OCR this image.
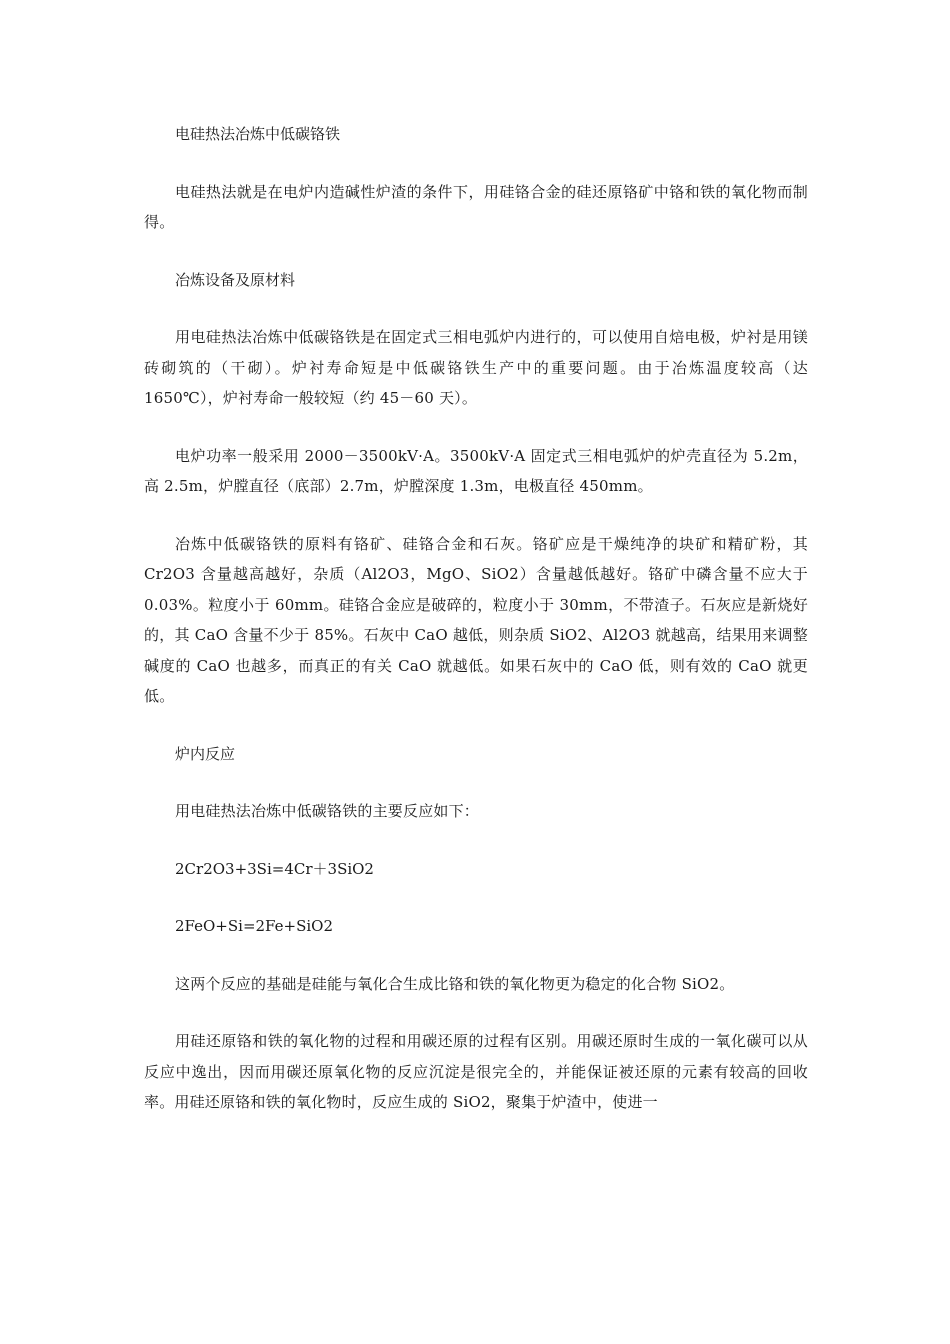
电硅热法冶炼中低碳铬铁

电硅热法就是在电炉内造碱性炉渣的条件下，用硅铬合金的硅还原铬矿中铬和铁的氧化物而制得。

冶炼设备及原材料

用电硅热法冶炼中低碳铬铁是在固定式三相电弧炉内进行的，可以使用自焙电极，炉衬是用镁砖砌筑的（干砌）。炉衬寿命短是中低碳铬铁生产中的重要问题。由于冶炼温度较高（达 1650℃），炉衬寿命一般较短（约 45－60 天）。

电炉功率一般采用 2000－3500kV·A。3500kV·A 固定式三相电弧炉的炉壳直径为 5.2m，高 2.5m，炉膛直径（底部）2.7m，炉膛深度 1.3m，电极直径 450mm。

冶炼中低碳铬铁的原料有铬矿、硅铬合金和石灰。铬矿应是干燥纯净的块矿和精矿粉，其 Cr2O3 含量越高越好，杂质（Al2O3，MgO、SiO2）含量越低越好。铬矿中磷含量不应大于 0.03%。粒度小于 60mm。硅铬合金应是破碎的，粒度小于 30mm，不带渣子。石灰应是新烧好的，其 CaO 含量不少于 85%。石灰中 CaO 越低，则杂质 SiO2、Al2O3 就越高，结果用来调整碱度的 CaO 也越多，而真正的有关 CaO 就越低。如果石灰中的 CaO 低，则有效的 CaO 就更低。

炉内反应

用电硅热法冶炼中低碳铬铁的主要反应如下：

2Cr2O3+3Si=4Cr＋3SiO2

2FeO+Si=2Fe+SiO2

这两个反应的基础是硅能与氧化合生成比铬和铁的氧化物更为稳定的化合物 SiO2。

用硅还原铬和铁的氧化物的过程和用碳还原的过程有区别。用碳还原时生成的一氧化碳可以从反应中逸出，因而用碳还原氧化物的反应沉淀是很完全的，并能保证被还原的元素有较高的回收率。用硅还原铬和铁的氧化物时，反应生成的 SiO2，聚集于炉渣中，使进一
